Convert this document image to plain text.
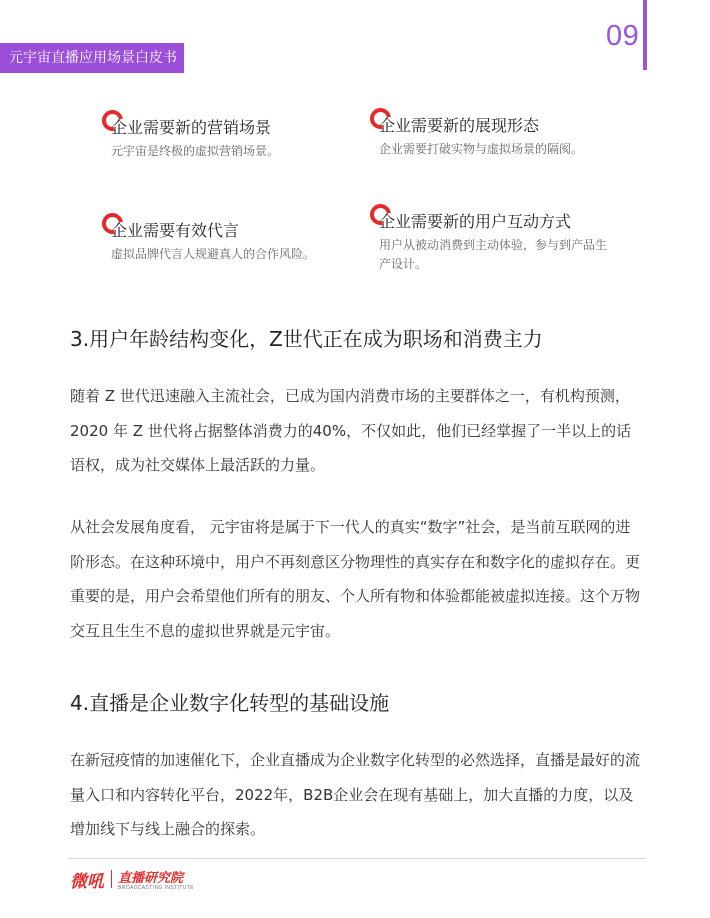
09
元宇宙直播应用场景白皮书
企业需要新的营销场景
元宇宙是终极的虚拟营销场景。
企业需要新的展现形态
企业需要打破实物与虚拟场景的隔阂。
企业需要有效代言
虚拟品牌代言人规避真人的合作风险。
企业需要新的用户互动方式
用户从被动消费到主动体验，参与到产品生产设计。
3.用户年龄结构变化，Z世代正在成为职场和消费主力
随着 Z 世代迅速融入主流社会，已成为国内消费市场的主要群体之一，有机构预测，2020 年 Z 世代将占据整体消费力的40%，不仅如此，他们已经掌握了一半以上的话语权，成为社交媒体上最活跃的力量。
从社会发展角度看， 元宇宙将是属于下一代人的真实“数字”社会，是当前互联网的进阶形态。在这种环境中，用户不再刻意区分物理性的真实存在和数字化的虚拟存在。更重要的是，用户会希望他们所有的朋友、个人所有物和体验都能被虚拟连接。这个万物交互且生生不息的虚拟世界就是元宇宙。
4.直播是企业数字化转型的基础设施
在新冠疫情的加速催化下，企业直播成为企业数字化转型的必然选择，直播是最好的流量入口和内容转化平台，2022年，B2B企业会在现有基础上，加大直播的力度，以及增加线下与线上融合的探索。
微吼 直播研究院
BROADCASTING INSTITUTE
